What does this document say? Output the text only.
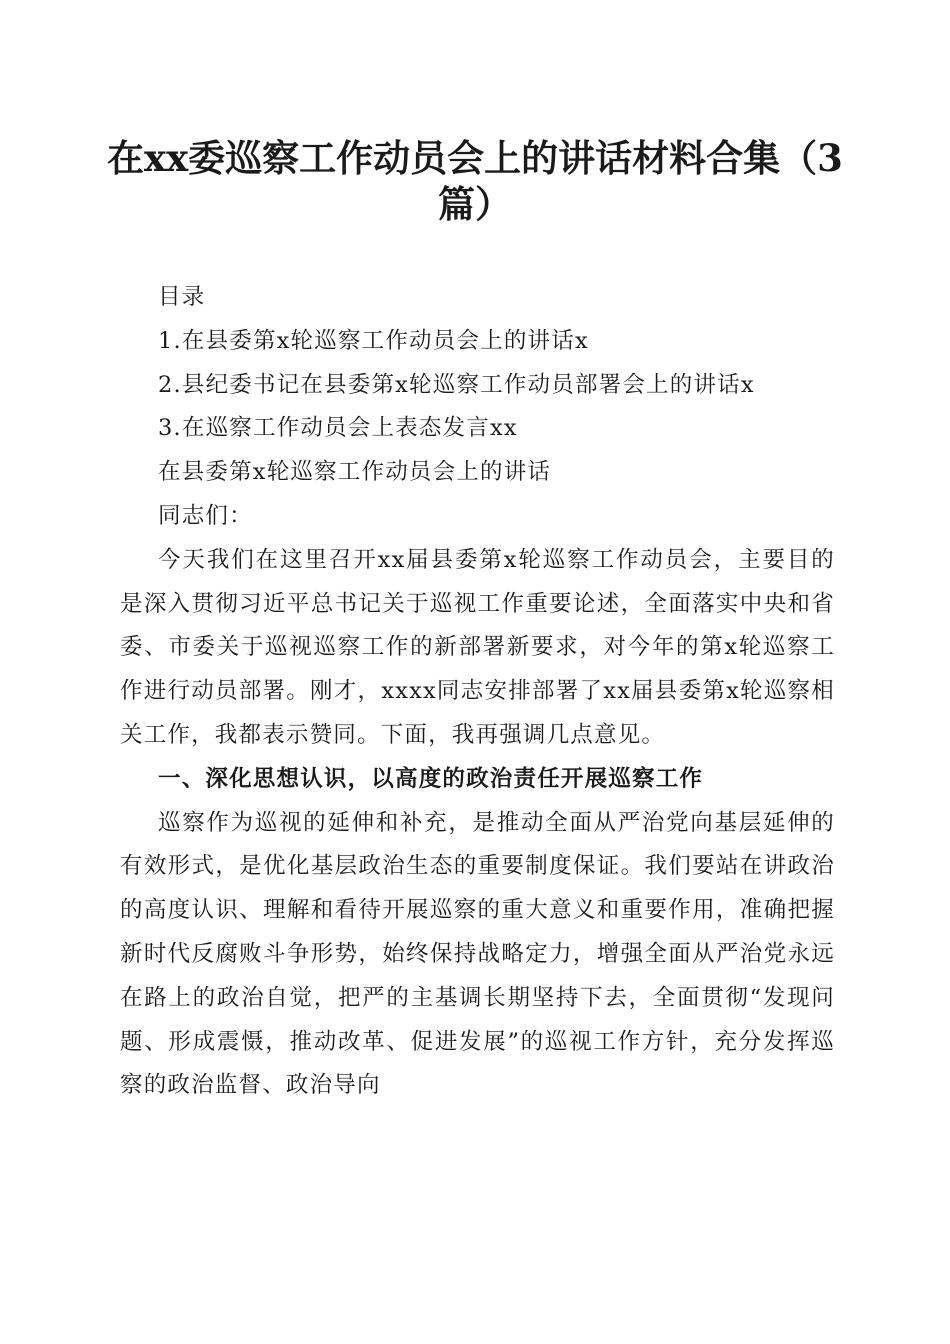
在xx委巡察工作动员会上的讲话材料合集（3篇）

目录

1.在县委第x轮巡察工作动员会上的讲话x

2.县纪委书记在县委第x轮巡察工作动员部署会上的讲话x

3.在巡察工作动员会上表态发言xx

在县委第x轮巡察工作动员会上的讲话

同志们：

今天我们在这里召开xx届县委第x轮巡察工作动员会，主要目的是深入贯彻习近平总书记关于巡视工作重要论述，全面落实中央和省委、市委关于巡视巡察工作的新部署新要求，对今年的第x轮巡察工作进行动员部署。刚才，xxxx同志安排部署了xx届县委第x轮巡察相关工作，我都表示赞同。下面，我再强调几点意见。

一、深化思想认识，以高度的政治责任开展巡察工作

巡察作为巡视的延伸和补充，是推动全面从严治党向基层延伸的有效形式，是优化基层政治生态的重要制度保证。我们要站在讲政治的高度认识、理解和看待开展巡察的重大意义和重要作用，准确把握新时代反腐败斗争形势，始终保持战略定力，增强全面从严治党永远在路上的政治自觉，把严的主基调长期坚持下去，全面贯彻“发现问题、形成震慑，推动改革、促进发展”的巡视工作方针，充分发挥巡察的政治监督、政治导向
